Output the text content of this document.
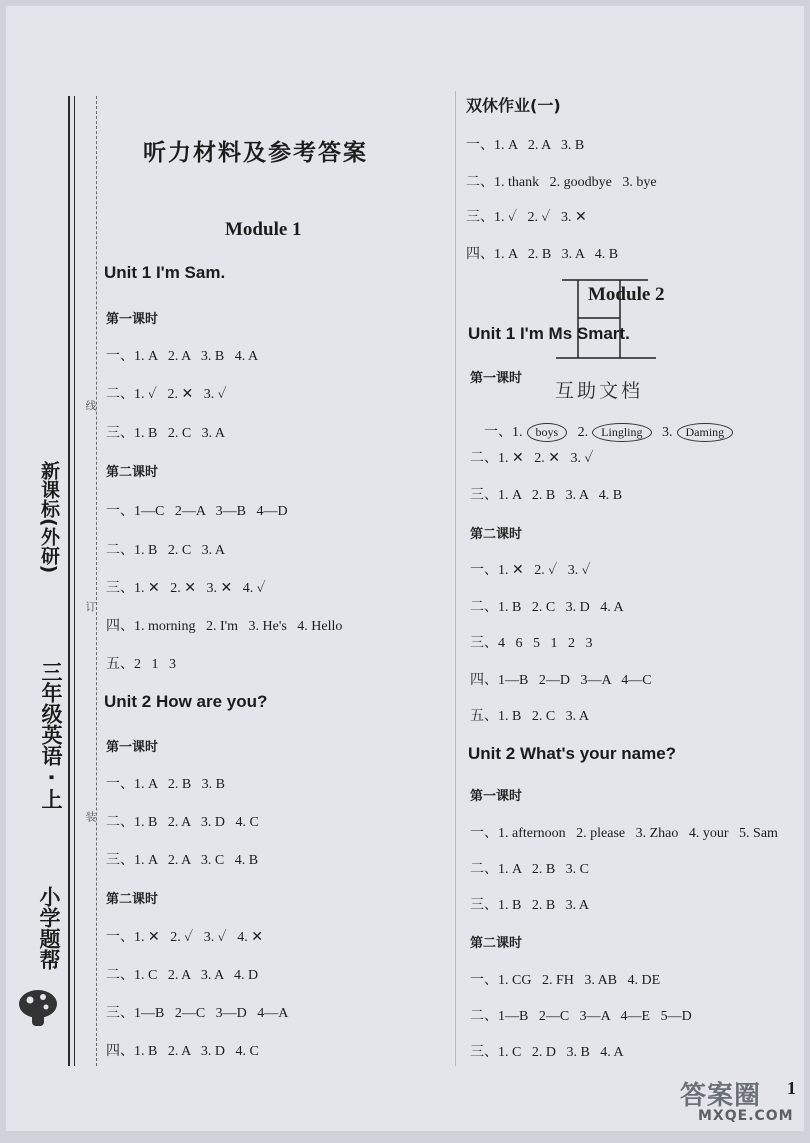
新课标(外研)
三年级英语 · 上
小学题帮
线
订
装
听力材料及参考答案
Module 1
Unit 1 I'm Sam.
第一课时
一、1. A   2. A   3. B   4. A
二、1. ✓   2. ✕   3. ✓
三、1. B   2. C   3. A
第二课时
一、1—C   2—A   3—B   4—D
二、1. B   2. C   3. A
三、1. ✕   2. ✕   3. ✕   4. ✓
四、1. morning   2. I'm   3. He's   4. Hello
五、2   1   3
Unit 2 How are you?
第一课时
一、1. A   2. B   3. B
二、1. B   2. A   3. D   4. C
三、1. A   2. A   3. C   4. B
第二课时
一、1. ✕   2. ✓   3. ✓   4. ✕
二、1. C   2. A   3. A   4. D
三、1—B   2—C   3—D   4—A
四、1. B   2. A   3. D   4. C
双休作业(一)
一、1. A   2. A   3. B
二、1. thank   2. goodbye   3. bye
三、1. ✓   2. ✓   3. ✕
四、1. A   2. B   3. A   4. B
Module 2
Unit 1 I'm Ms Smart.
互助文档
第一课时

一、1. boys 2. Lingling 3. Daming

二、1. ✕   2. ✕   3. ✓
三、1. A   2. B   3. A   4. B
第二课时
一、1. ✕   2. ✓   3. ✓
二、1. B   2. C   3. D   4. A
三、4   6   5   1   2   3
四、1—B   2—D   3—A   4—C
五、1. B   2. C   3. A
Unit 2 What's your name?
第一课时
一、1. afternoon   2. please   3. Zhao   4. your   5. Sam
二、1. A   2. B   3. C
三、1. B   2. B   3. A
第二课时
一、1. CG   2. FH   3. AB   4. DE
二、1—B   2—C   3—A   4—E   5—D
三、1. C   2. D   3. B   4. A
1
答案圈
MXQE.COM
